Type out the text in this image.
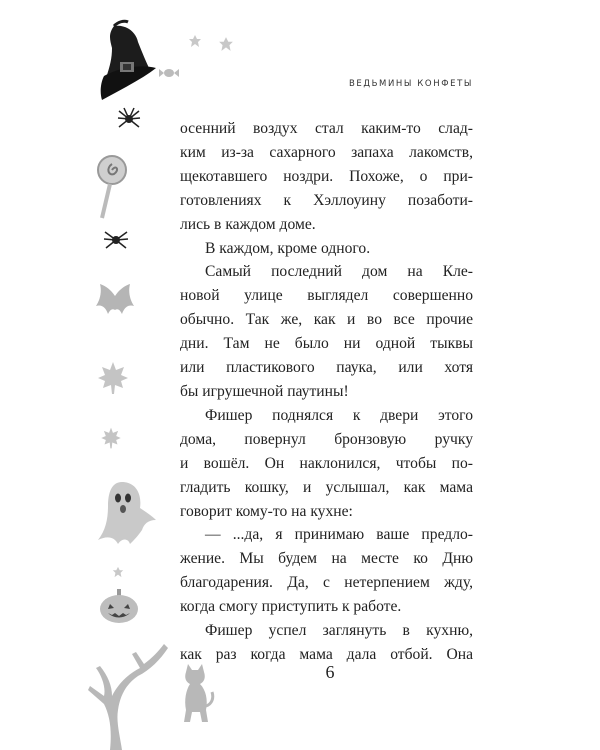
ВЕДЬМИНЫ КОНФЕТЫ

осенний воздух стал каким-то слад-

ким из-за сахарного запаха лакомств,

щекотавшего ноздри. Похоже, о при-

готовлениях к Хэллоуину позаботи-

лись в каждом доме.

В каждом, кроме одного.

Самый последний дом на Кле-

новой улице выглядел совершенно

обычно. Так же, как и во все прочие

дни. Там не было ни одной тыквы

или пластикового паука, или хотя

бы игрушечной паутины!

Фишер поднялся к двери этого

дома, повернул бронзовую ручку

и вошёл. Он наклонился, чтобы по-

гладить кошку, и услышал, как мама

говорит кому-то на кухне:

— ...да, я принимаю ваше предло-

жение. Мы будем на месте ко Дню

благодарения. Да, с нетерпением жду,

когда смогу приступить к работе.

Фишер успел заглянуть в кухню,

как раз когда мама дала отбой. Она

6
